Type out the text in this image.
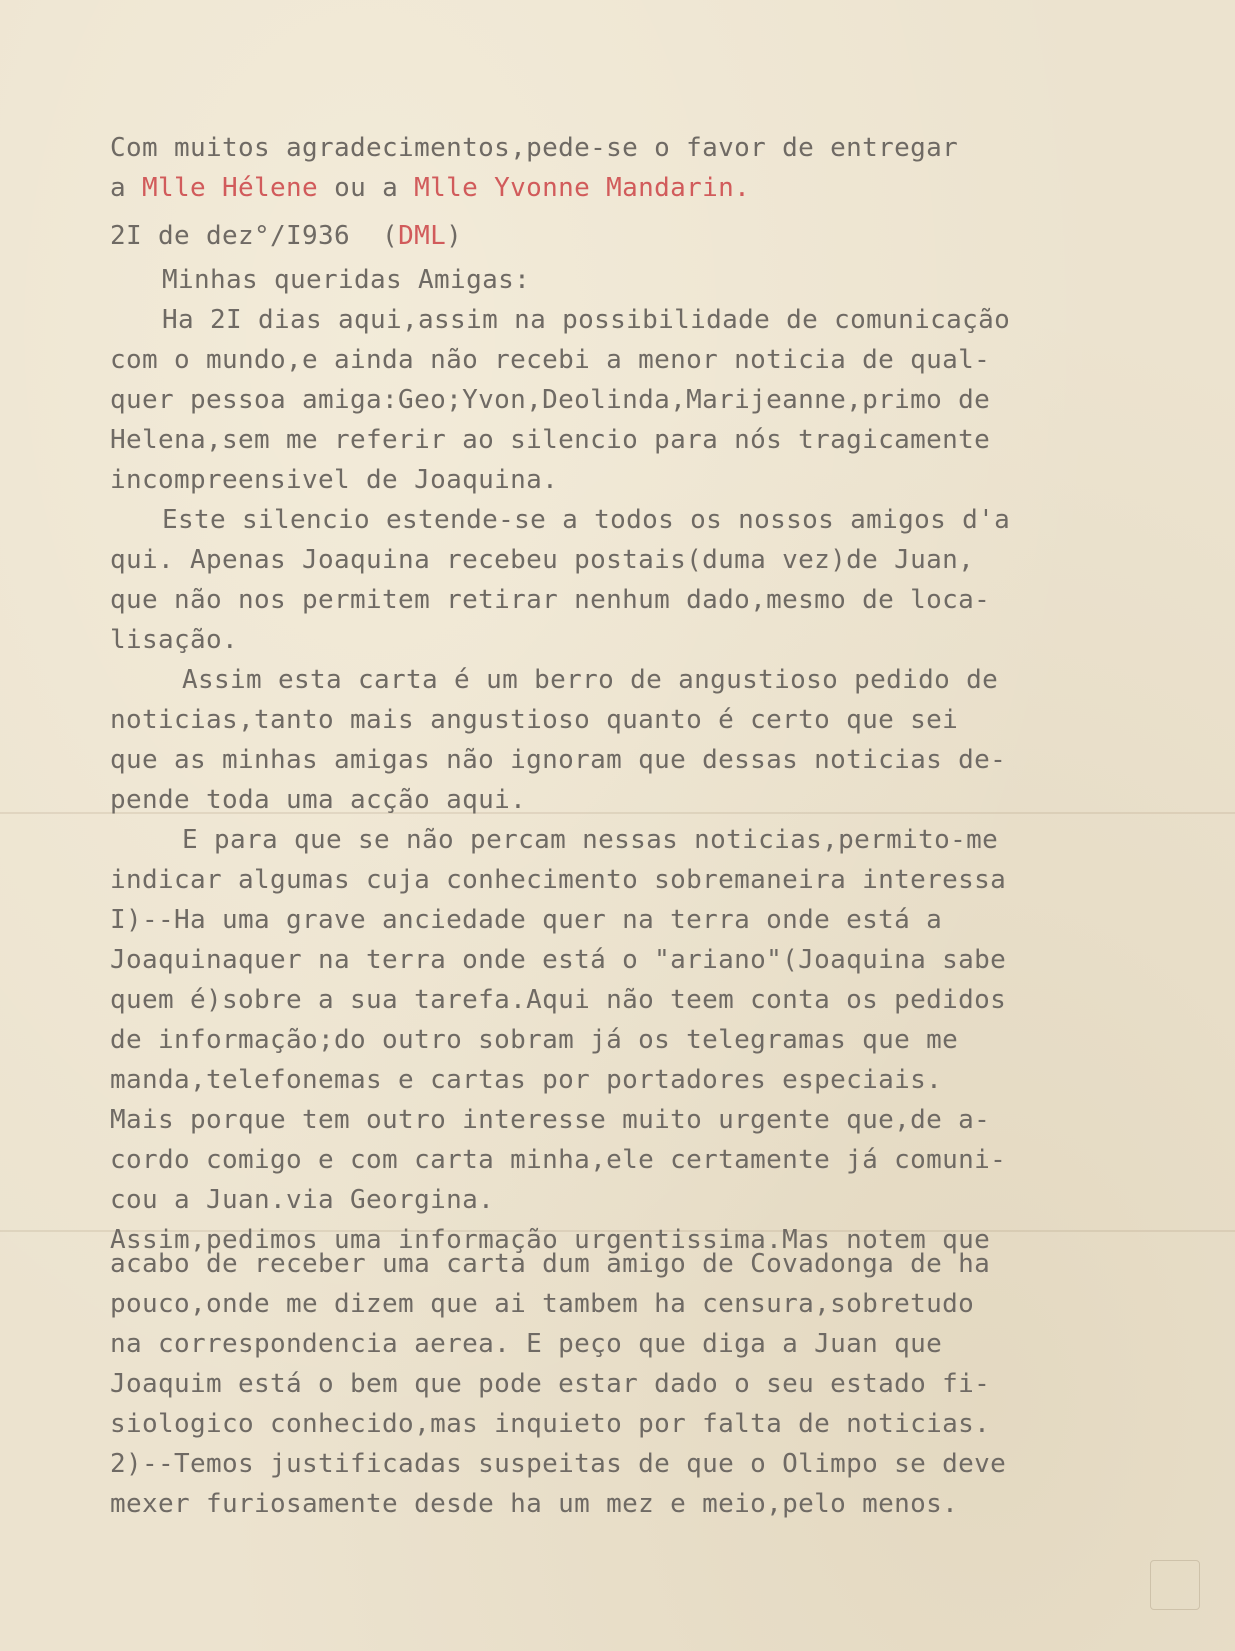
Com muitos agradecimentos,pede-se o favor de entregar
a Mlle Hélene ou a Mlle Yvonne Mandarin.
2I de dez°/I936  (DML)
Minhas queridas Amigas:
Ha 2I dias aqui,assim na possibilidade de comunicação
com o mundo,e ainda não recebi a menor noticia de qual-
quer pessoa amiga:Geo;Yvon,Deolinda,Marijeanne,primo de
Helena,sem me referir ao silencio para nós tragicamente
incompreensivel de Joaquina.
Este silencio estende-se a todos os nossos amigos d'a
qui. Apenas Joaquina recebeu postais(duma vez)de Juan,
que não nos permitem retirar nenhum dado,mesmo de loca-
lisação.
Assim esta carta é um berro de angustioso pedido de
noticias,tanto mais angustioso quanto é certo que sei
que as minhas amigas não ignoram que dessas noticias de-
pende toda uma acção aqui.
E para que se não percam nessas noticias,permito-me
indicar algumas cuja conhecimento sobremaneira interessa
I)--Ha uma grave anciedade quer na terra onde está a
Joaquinaquer na terra onde está o "ariano"(Joaquina sabe
quem é)sobre a sua tarefa.Aqui não teem conta os pedidos
de informação;do outro sobram já os telegramas que me
manda,telefonemas e cartas por portadores especiais.
Mais porque tem outro interesse muito urgente que,de a-
cordo comigo e com carta minha,ele certamente já comuni-
cou a Juan.via Georgina.
Assim,pedimos uma informação urgentissima.Mas notem que
acabo de receber uma carta dum amigo de Covadonga de ha
pouco,onde me dizem que ai tambem ha censura,sobretudo
na correspondencia aerea. E peço que diga a Juan que
Joaquim está o bem que pode estar dado o seu estado fi-
siologico conhecido,mas inquieto por falta de noticias.
2)--Temos justificadas suspeitas de que o Olimpo se deve
mexer furiosamente desde ha um mez e meio,pelo menos.
